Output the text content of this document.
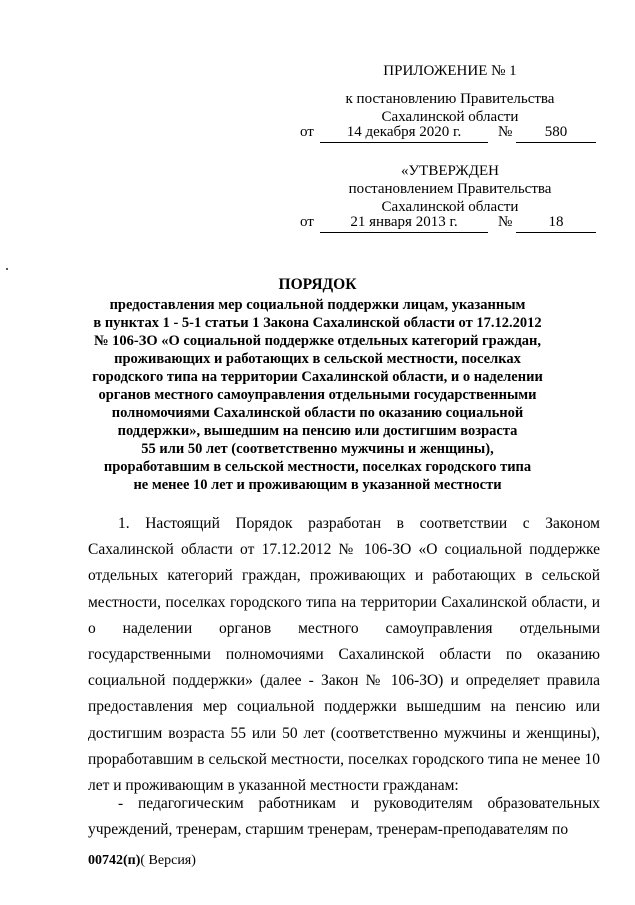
ПРИЛОЖЕНИЕ № 1
к постановлению Правительства
Сахалинской области
от	14 декабря 2020 г.	№	580
«УТВЕРЖДЕН
постановлением Правительства
Сахалинской области
от	21 января 2013 г.	№	18
ПОРЯДОК
предоставления мер социальной поддержки лицам, указанным
в пунктах 1 - 5-1 статьи 1 Закона Сахалинской области от 17.12.2012
№ 106-ЗО «О социальной поддержке отдельных категорий граждан,
проживающих и работающих в сельской местности, поселках
городского типа на территории Сахалинской области, и о наделении
органов местного самоуправления отдельными государственными
полномочиями Сахалинской области по оказанию социальной
поддержки», вышедшим на пенсию или достигшим возраста
55 или 50 лет (соответственно мужчины и женщины),
проработавшим в сельской местности, поселках городского типа
не менее 10 лет и проживающим в указанной местности
1. Настоящий Порядок разработан в соответствии с Законом Сахалинской области от 17.12.2012 № 106-ЗО «О социальной поддержке отдельных категорий граждан, проживающих и работающих в сельской местности, поселках городского типа на территории Сахалинской области, и о наделении органов местного самоуправления отдельными государственными полномочиями Сахалинской области по оказанию социальной поддержки» (далее - Закон № 106-ЗО) и определяет правила предоставления мер социальной поддержки вышедшим на пенсию или достигшим возраста 55 или 50 лет (соответственно мужчины и женщины), проработавшим в сельской местности, поселках городского типа не менее 10 лет и проживающим в указанной местности гражданам:
- педагогическим работникам и руководителям образовательных учреждений, тренерам, старшим тренерам, тренерам-преподавателям по
00742(п)( Версия)
